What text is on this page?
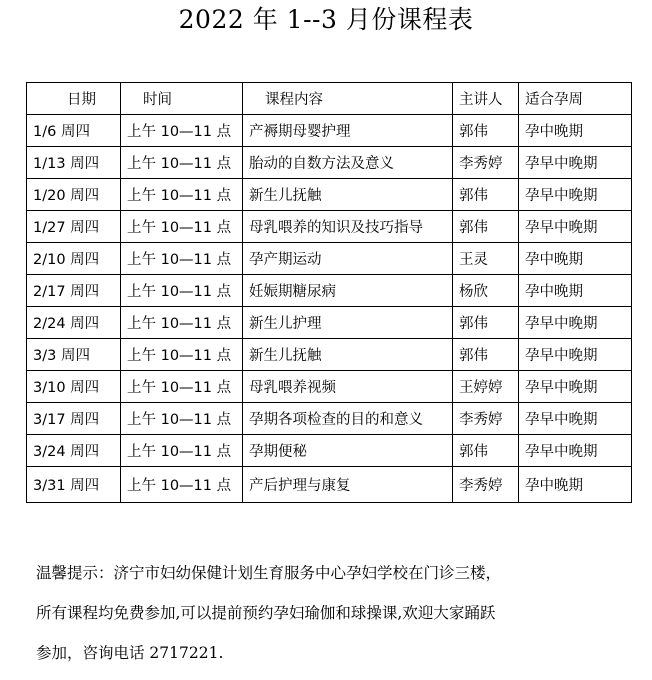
2022 年 1--3 月份课程表
日期	时间	课程内容	主讲人	适合孕周
1/6 周四	上午 10—11 点	产褥期母婴护理	郭伟	孕中晚期
1/13 周四	上午 10—11 点	胎动的自数方法及意义	李秀婷	孕早中晚期
1/20 周四	上午 10—11 点	新生儿抚触	郭伟	孕早中晚期
1/27 周四	上午 10—11 点	母乳喂养的知识及技巧指导	郭伟	孕早中晚期
2/10 周四	上午 10—11 点	孕产期运动	王灵	孕中晚期
2/17 周四	上午 10—11 点	妊娠期糖尿病	杨欣	孕中晚期
2/24 周四	上午 10—11 点	新生儿护理	郭伟	孕早中晚期
3/3 周四	上午 10—11 点	新生儿抚触	郭伟	孕早中晚期
3/10 周四	上午 10—11 点	母乳喂养视频	王婷婷	孕早中晚期
3/17 周四	上午 10—11 点	孕期各项检查的目的和意义	李秀婷	孕早中晚期
3/24 周四	上午 10—11 点	孕期便秘	郭伟	孕早中晚期
3/31 周四	上午 10—11 点	产后护理与康复	李秀婷	孕中晚期

温馨提示：济宁市妇幼保健计划生育服务中心孕妇学校在门诊三楼，

所有课程均免费参加,可以提前预约孕妇瑜伽和球操课,欢迎大家踊跃

参加，咨询电话 2717221.
